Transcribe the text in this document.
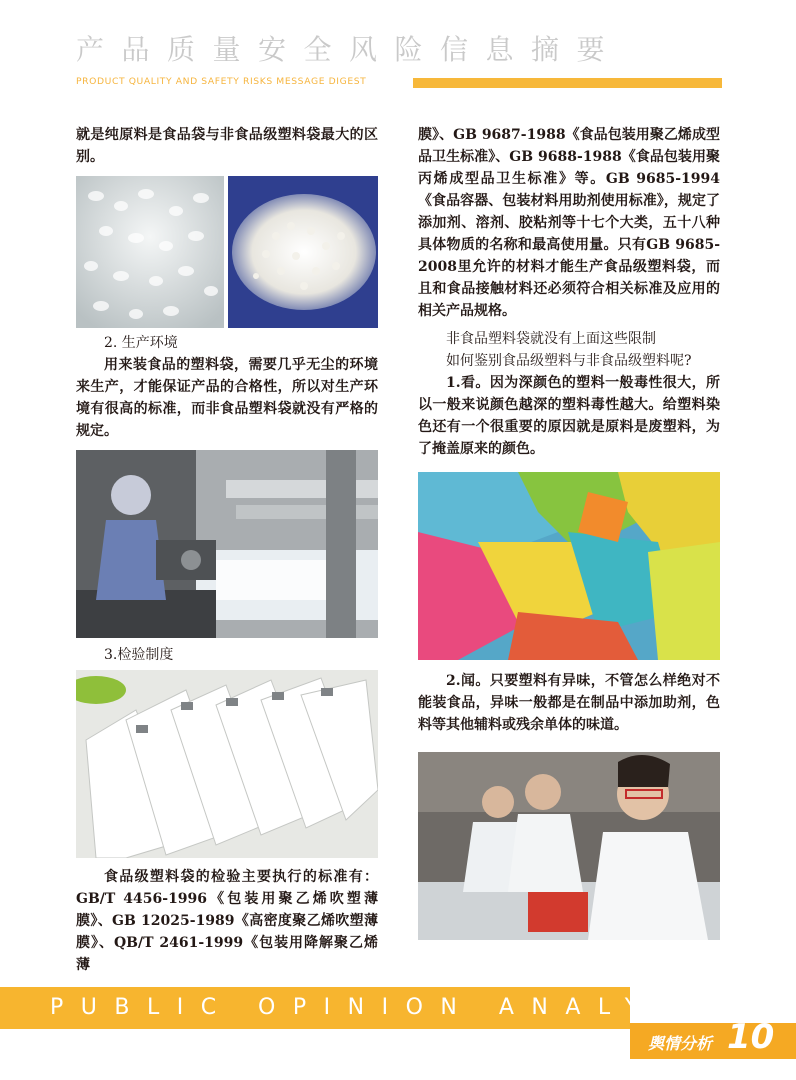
产品质量安全风险信息摘要
PRODUCT QUALITY AND SAFETY RISKS MESSAGE DIGEST

就是纯原料是食品袋与非食品级塑料袋最大的区别。

2. 生产环境

用来装食品的塑料袋，需要几乎无尘的环境来生产，才能保证产品的合格性，所以对生产环境有很高的标准，而非食品塑料袋就没有严格的规定。

3.检验制度

食品级塑料袋的检验主要执行的标准有：GB/T 4456-1996《包装用聚乙烯吹塑薄膜》、GB 12025-1989《高密度聚乙烯吹塑薄膜》、QB/T 2461-1999《包装用降解聚乙烯薄

膜》、GB 9687-1988《食品包装用聚乙烯成型品卫生标准》、GB 9688-1988《食品包装用聚丙烯成型品卫生标准》等。GB 9685-1994《食品容器、包装材料用助剂使用标准》，规定了添加剂、溶剂、胶粘剂等十七个大类，五十八种具体物质的名称和最高使用量。只有GB 9685-2008里允许的材料才能生产食品级塑料袋，而且和食品接触材料还必须符合相关标准及应用的相关产品规格。

非食品塑料袋就没有上面这些限制

如何鉴别食品级塑料与非食品级塑料呢?

1.看。因为深颜色的塑料一般毒性很大，所以一般来说颜色越深的塑料毒性越大。给塑料染色还有一个很重要的原因就是原料是废塑料，为了掩盖原来的颜色。

2.闻。只要塑料有异味，不管怎么样绝对不能装食品，异味一般都是在制品中添加助剂，色料等其他辅料或残余单体的味道。

PUBLIC OPINION ANALYSIS
舆情分析 10
